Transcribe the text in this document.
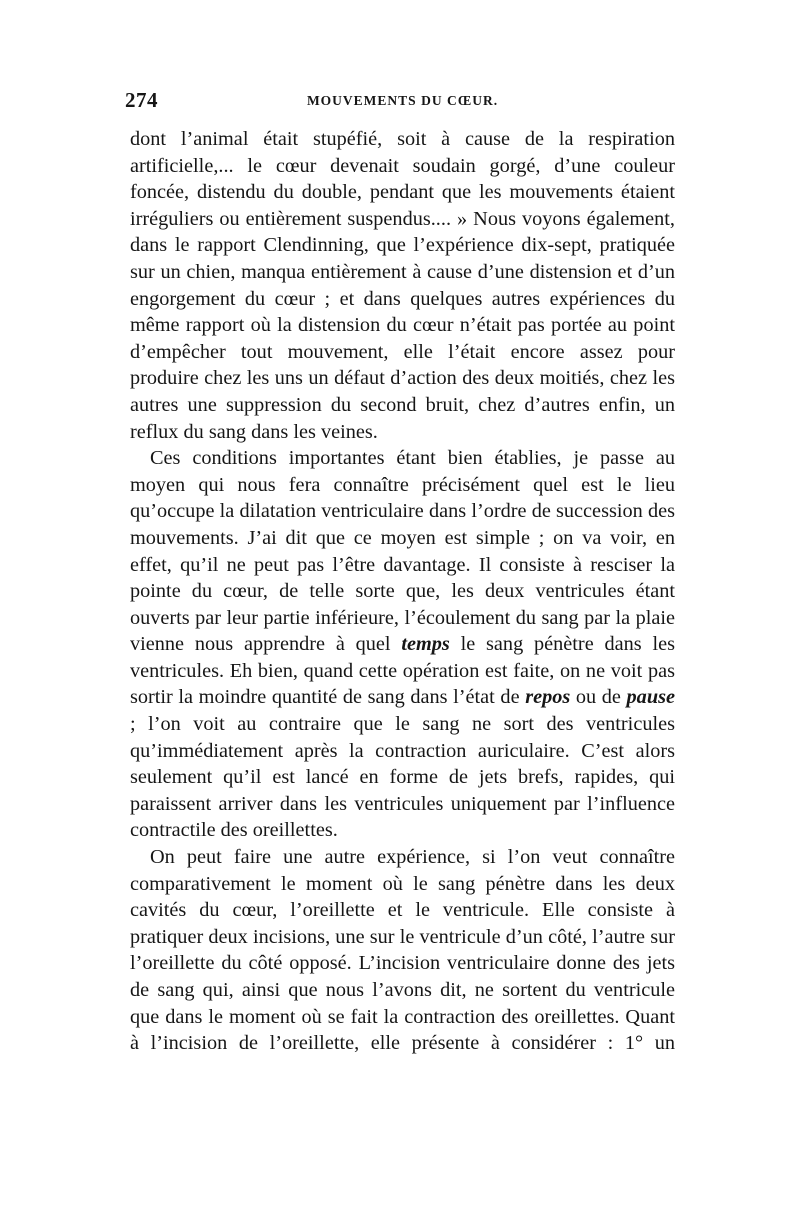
274	MOUVEMENTS DU CŒUR.

dont l’animal était stupéfié, soit à cause de la respiration artificielle,... le cœur devenait soudain gorgé, d’une couleur foncée, distendu du double, pendant que les mouvements étaient irréguliers ou entièrement suspendus.... » Nous voyons également, dans le rapport Clendinning, que l’expérience dix-sept, pratiquée sur un chien, manqua entièrement à cause d’une distension et d’un engorgement du cœur ; et dans quelques autres expériences du même rapport où la distension du cœur n’était pas portée au point d’empêcher tout mouvement, elle l’était encore assez pour produire chez les uns un défaut d’action des deux moitiés, chez les autres une suppression du second bruit, chez d’autres enfin, un reflux du sang dans les veines.

Ces conditions importantes étant bien établies, je passe au moyen qui nous fera connaître précisément quel est le lieu qu’occupe la dilatation ventriculaire dans l’ordre de succession des mouvements. J’ai dit que ce moyen est simple ; on va voir, en effet, qu’il ne peut pas l’être davantage. Il consiste à resciser la pointe du cœur, de telle sorte que, les deux ventricules étant ouverts par leur partie inférieure, l’écoulement du sang par la plaie vienne nous apprendre à quel temps le sang pénètre dans les ventricules. Eh bien, quand cette opération est faite, on ne voit pas sortir la moindre quantité de sang dans l’état de repos ou de pause ; l’on voit au contraire que le sang ne sort des ventricules qu’immédiatement après la contraction auriculaire. C’est alors seulement qu’il est lancé en forme de jets brefs, rapides, qui paraissent arriver dans les ventricules uniquement par l’influence contractile des oreillettes.

On peut faire une autre expérience, si l’on veut connaître comparativement le moment où le sang pénètre dans les deux cavités du cœur, l’oreillette et le ventricule. Elle consiste à pratiquer deux incisions, une sur le ventricule d’un côté, l’autre sur l’oreillette du côté opposé. L’incision ventriculaire donne des jets de sang qui, ainsi que nous l’avons dit, ne sortent du ventricule que dans le moment où se fait la contraction des oreillettes. Quant à l’incision de l’oreillette, elle présente à considérer : 1° un
